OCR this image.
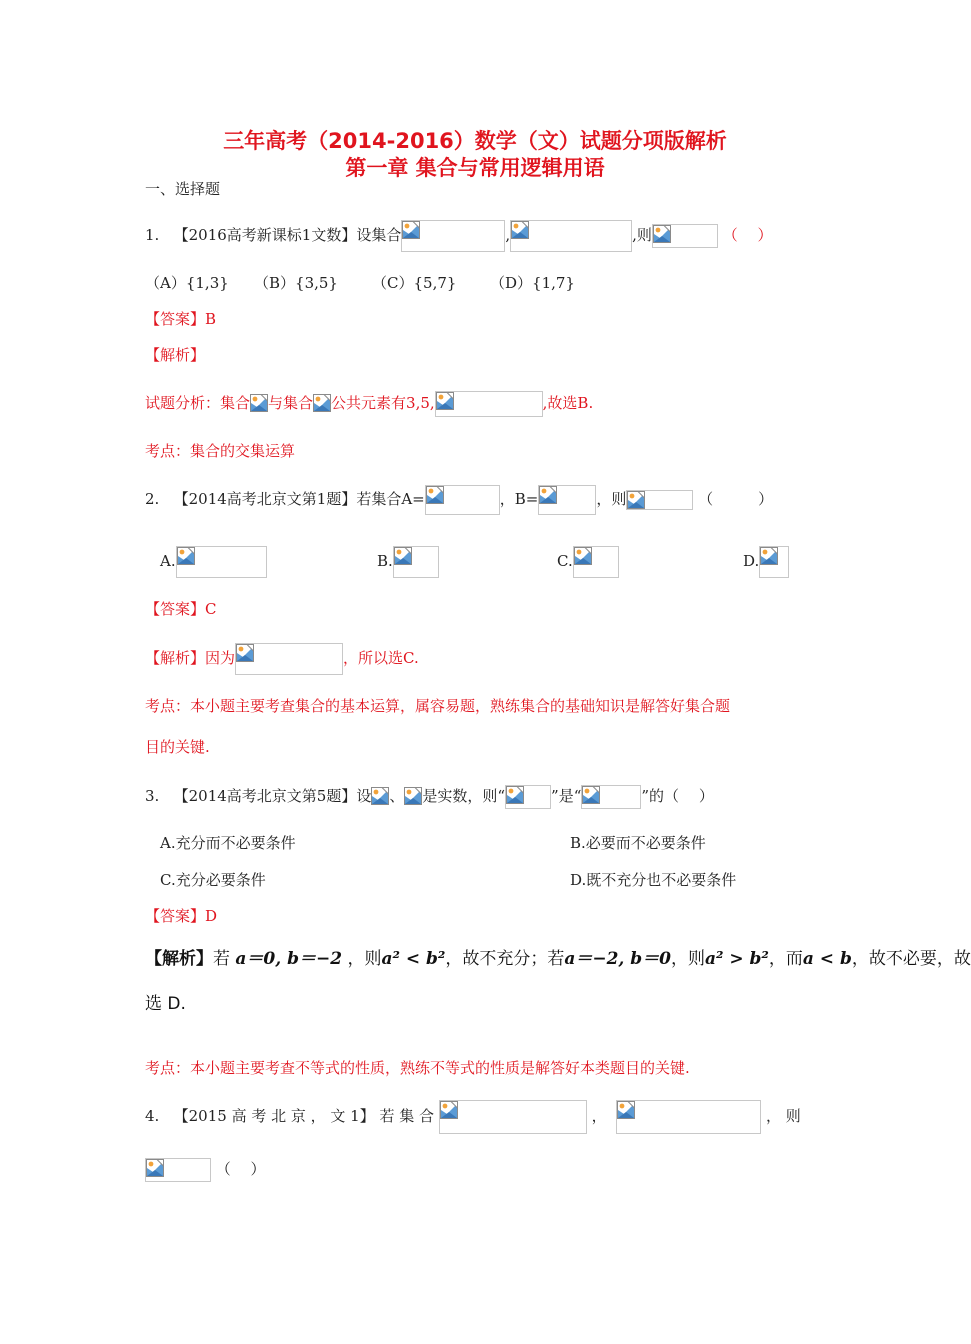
三年高考（2014-2016）数学（文）试题分项版解析
第一章 集合与常用逻辑用语
一、选择题
1. 【2016高考新课标1文数】设集合	,	,则	（　 ）
（A）{1,3} （B）{3,5} （C）{5,7} （D）{1,7}
【答案】B
【解析】
试题分析：集合 与集合 公共元素有3,5,	,故选B.
考点：集合的交集运算
2. 【2014高考北京文第1题】若集合A=	，B=	，则	（　　　）
A.	B.	C.	D.
【答案】C
【解析】因为	，所以选C.
考点：本小题主要考查集合的基本运算，属容易题，熟练集合的基础知识是解答好集合题
目的关键.
3. 【2014高考北京文第5题】设 、 是实数，则“	”是“	”的（　 ）
A.充分而不必要条件	B.必要而不必要条件
C.充分必要条件	D.既不充分也不必要条件
【答案】D
【解析】若 a＝0, b＝−2 ，则a² < b²，故不充分；若a＝−2, b＝0，则a² > b²，而a < b，故不必要，故
选 D.
考点：本小题主要考查不等式的性质，熟练不等式的性质是解答好本类题目的关键.
4. 【2015 高 考 北 京 ， 文 1】 若 集 合	，	， 则
（　 ）
